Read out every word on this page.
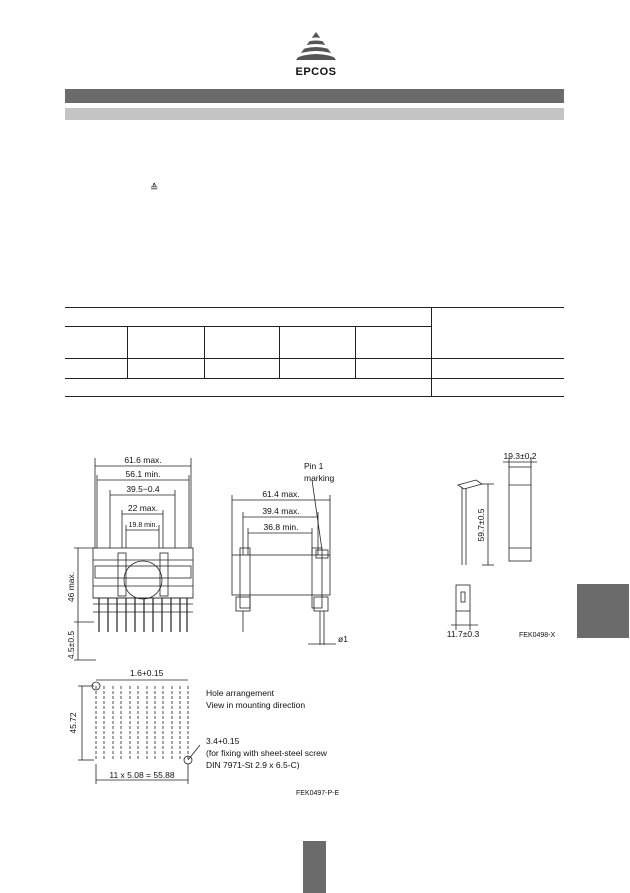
EPCOS
≙
61.6 max.
56.1 min.
39.5−0.4
22 max.
19.8 min.
46 max.
4.5±0.5
61.4 max.
39.4 max.
36.8 min.
Pin 1
marking
ø1
19.3±0.2
59.7±0.5
11.7±0.3	FEK0498-X
1.6+0.15
45.72
Hole arrangement
View in mounting direction
3.4+0.15
(for fixing with sheet-steel screw
DIN 7971-St 2.9 x 6.5-C)
11 x 5.08 = 55.88
FEK0497-P-E
